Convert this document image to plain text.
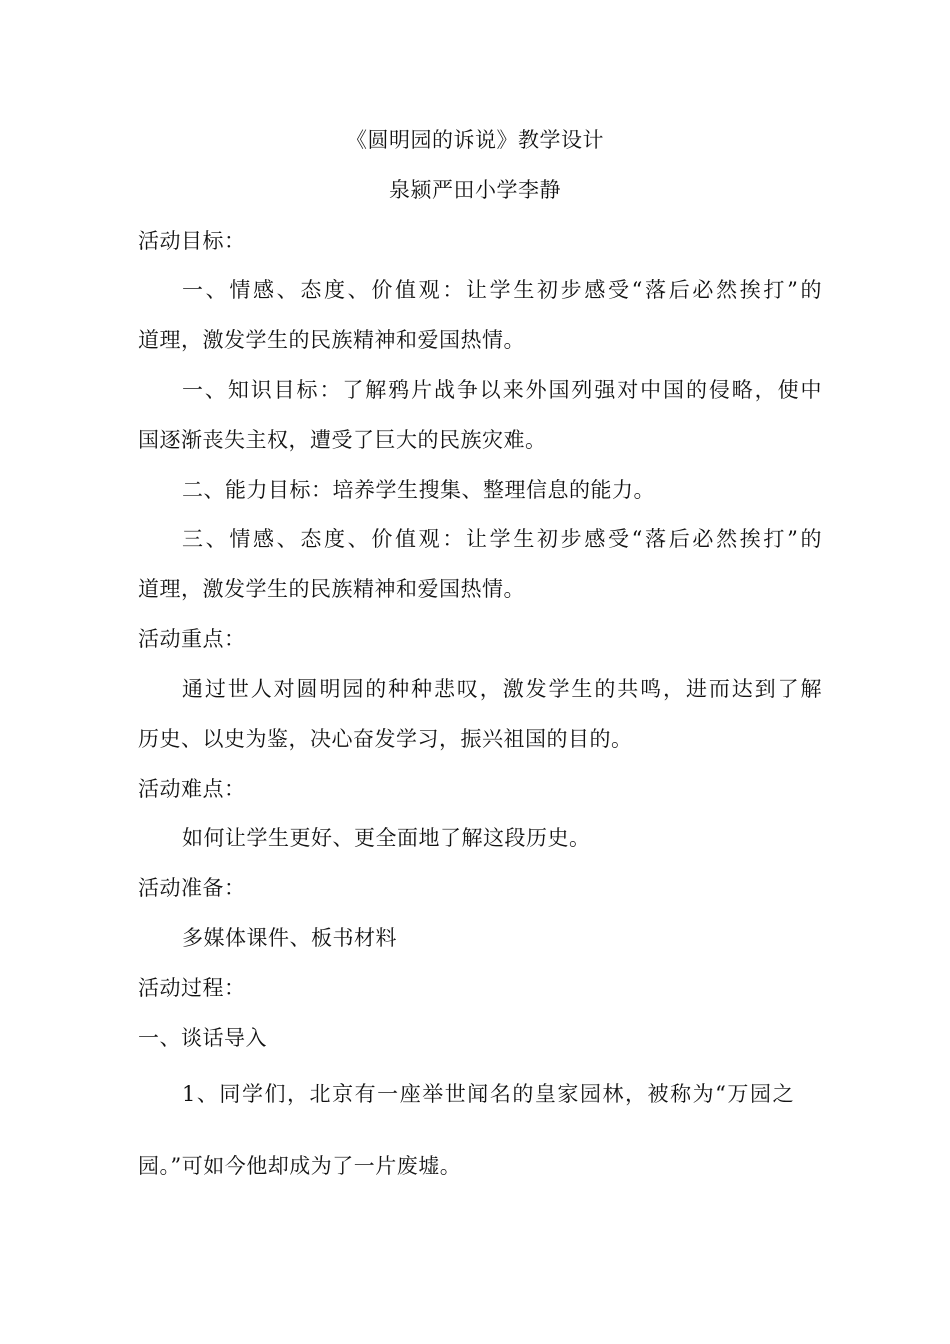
《圆明园的诉说》教学设计
泉颍严田小学李静
活动目标：
一、情感、态度、价值观：让学生初步感受“落后必然挨打”的
道理，激发学生的民族精神和爱国热情。
一、知识目标：了解鸦片战争以来外国列强对中国的侵略，使中
国逐渐丧失主权，遭受了巨大的民族灾难。
二、能力目标：培养学生搜集、整理信息的能力。
三、情感、态度、价值观：让学生初步感受“落后必然挨打”的
道理，激发学生的民族精神和爱国热情。
活动重点：
通过世人对圆明园的种种悲叹，激发学生的共鸣，进而达到了解
历史、以史为鉴，决心奋发学习，振兴祖国的目的。
活动难点：
如何让学生更好、更全面地了解这段历史。
活动准备：
多媒体课件、板书材料
活动过程：
一、谈话导入
1、同学们，北京有一座举世闻名的皇家园林，被称为“万园之
园。”可如今他却成为了一片废墟。
